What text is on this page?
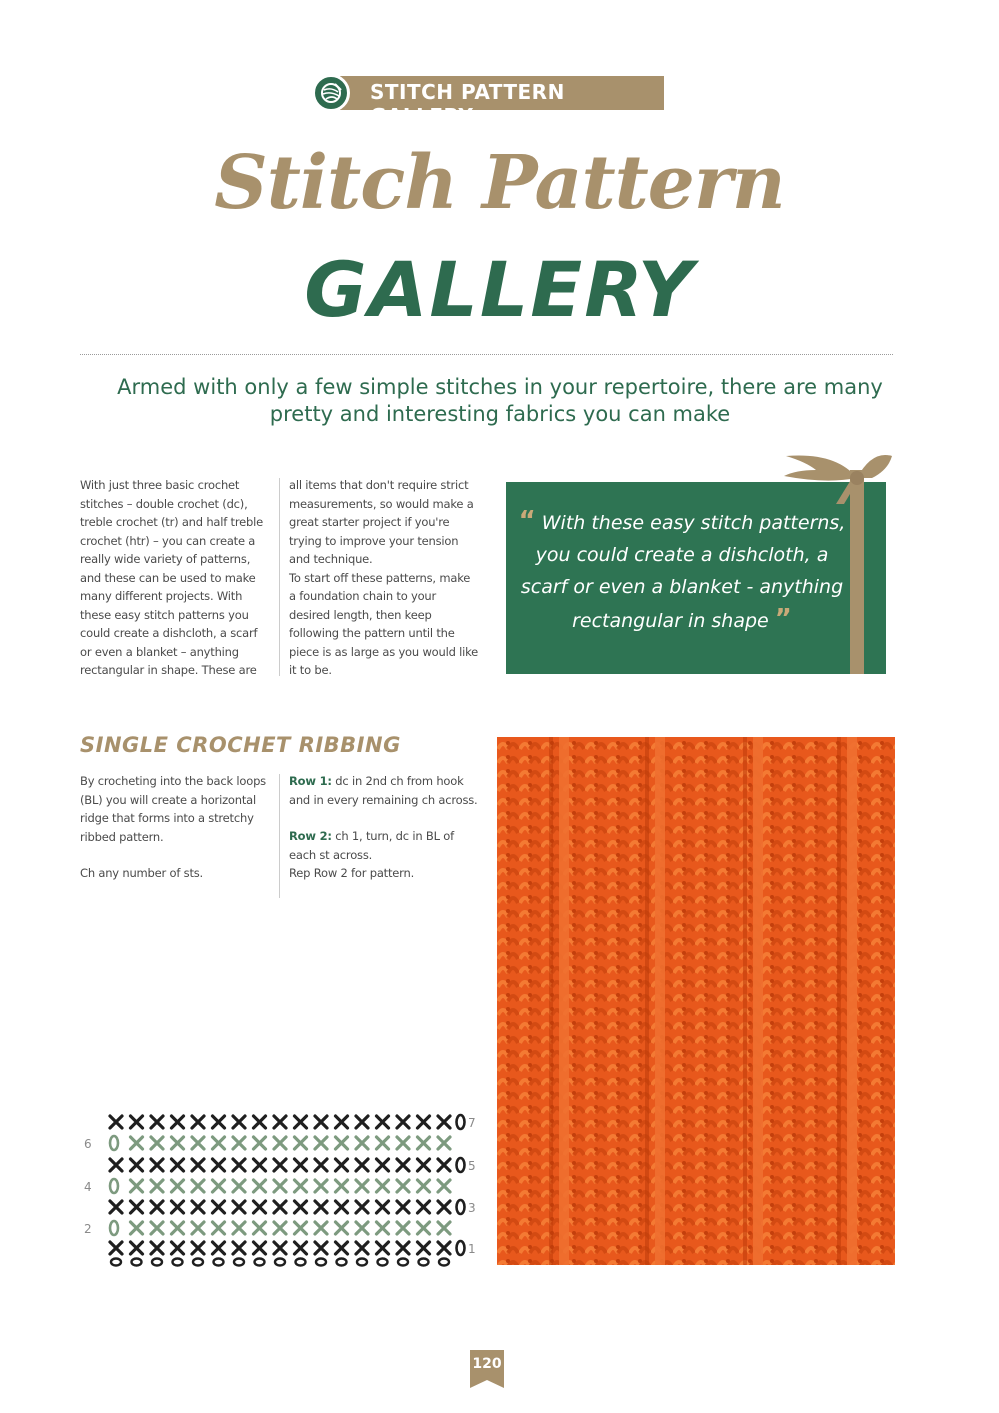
STITCH PATTERN GALLERY
Stitch Pattern
GALLERY
Armed with only a few simple stitches in your repertoire, there are many pretty and interesting fabrics you can make
With just three basic crochet stitches – double crochet (dc), treble crochet (tr) and half treble crochet (htr) – you can create a really wide variety of patterns, and these can be used to make many different projects. With these easy stitch patterns you could create a dishcloth, a scarf or even a blanket – anything rectangular in shape. These are
all items that don't require strict measurements, so would make a great starter project if you're trying to improve your tension and technique.
To start off these patterns, make a foundation chain to your desired length, then keep following the pattern until the piece is as large as you would like it to be.
“ With these easy stitch patterns, you could create a dishcloth, a scarf or even a blanket - anything rectangular in shape ”
SINGLE CROCHET RIBBING
By crocheting into the back loops (BL) you will create a horizontal ridge that forms into a stretchy ribbed pattern.
Ch any number of sts.
Row 1: dc in 2nd ch from hook and in every remaining ch across.
Row 2: ch 1, turn, dc in BL of each st across.
Rep Row 2 for pattern.
7
5
3
1
6
4
2
120
